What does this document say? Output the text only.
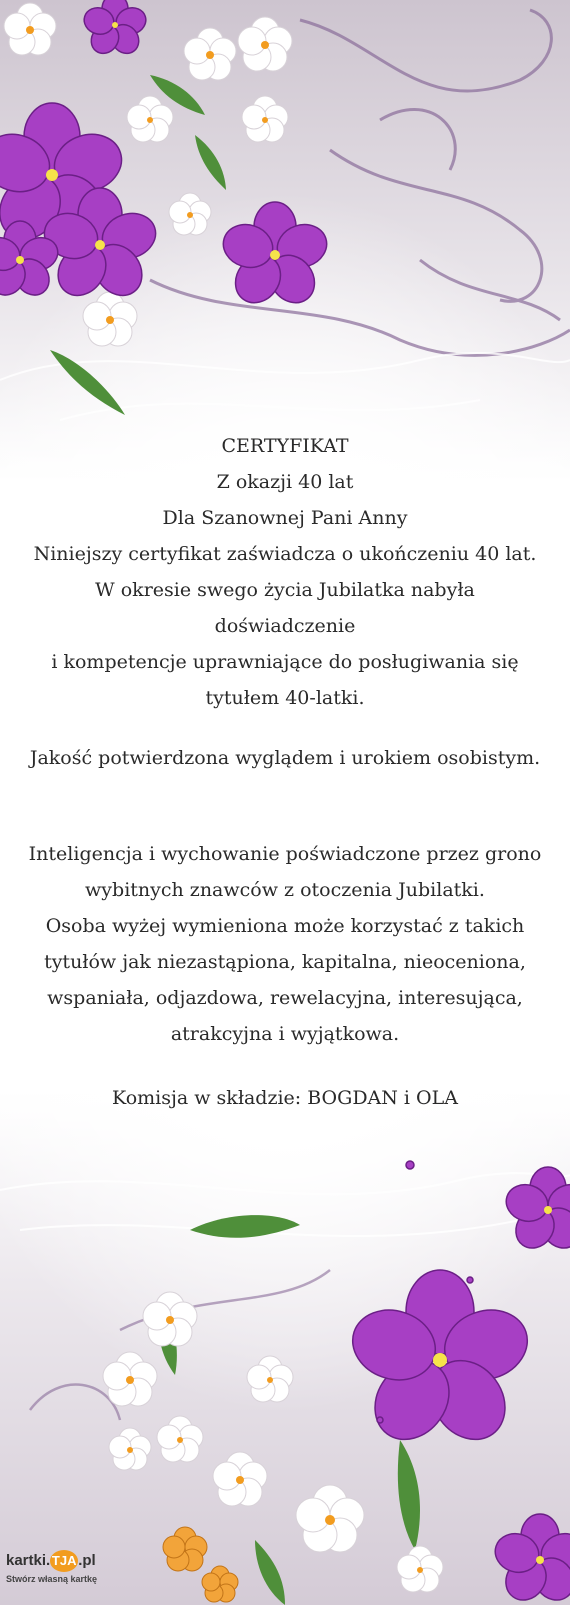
CERTYFIKAT

Z okazji 40 lat

Dla Szanownej Pani Anny

Niniejszy certyfikat zaświadcza o ukończeniu 40 lat.

W okresie swego życia Jubilatka nabyła

doświadczenie

i kompetencje uprawniające do posługiwania się

tytułem 40-latki.

Jakość potwierdzona wyglądem i urokiem osobistym.

Inteligencja i wychowanie poświadczone przez grono

wybitnych znawców z otoczenia Jubilatki.

Osoba wyżej wymieniona może korzystać z takich

tytułów jak niezastąpiona, kapitalna, nieoceniona,

wspaniała, odjazdowa, rewelacyjna, interesująca,

atrakcyjna i wyjątkowa.

Komisja w składzie: BOGDAN i OLA

kartki. TJA .pl
Stwórz własną kartkę
